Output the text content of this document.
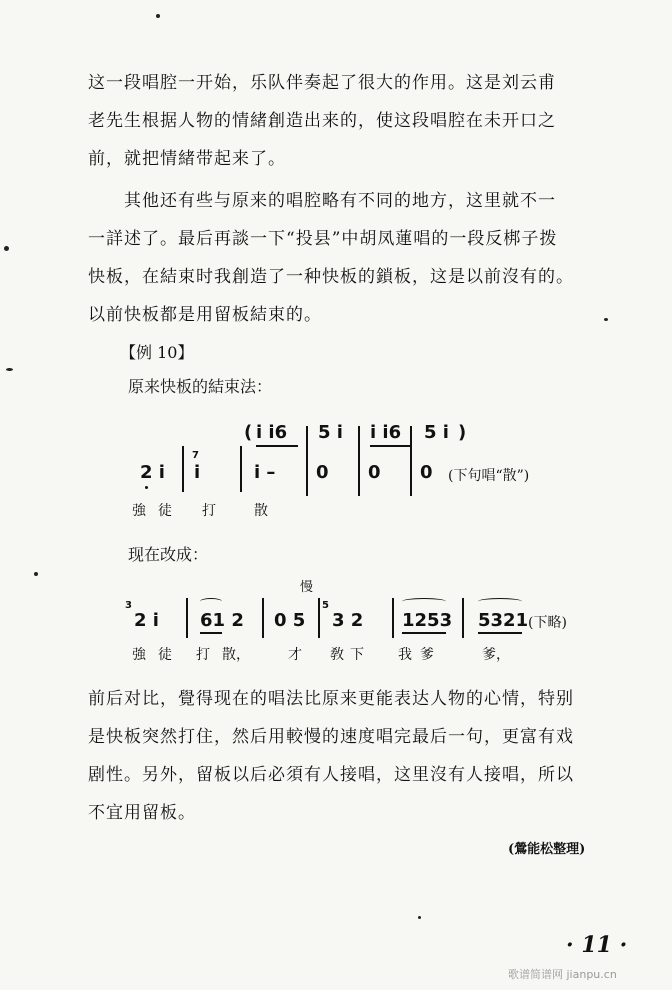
这一段唱腔一开始，乐队伴奏起了很大的作用。这是刘云甫
老先生根据人物的情緒創造出来的，使这段唱腔在未开口之
前，就把情緒带起来了。
其他还有些与原来的唱腔略有不同的地方，这里就不一
一詳述了。最后再談一下“投县”中胡凤蓮唱的一段反梆子拨
快板，在結束时我創造了一种快板的鎖板，这是以前沒有的。
以前快板都是用留板結束的。
【例 10】
原来快板的結束法：
( i i6 5 i i i6 5 i )
2 i
7
i	i – 0 0 0 (下句唱“散”)
強 徒 打	散
现在改成：
慢
3
2 i 61 2 0 5
5
3 2 1253 5321 (下略)
強 徒 打 散，	才 敎 下 我 爹	爹，
前后对比，覺得现在的唱法比原来更能表达人物的心情，特别
是快板突然打住，然后用較慢的速度唱完最后一句，更富有戏
剧性。另外，留板以后必須有人接唱，这里沒有人接唱，所以
不宜用留板。
(鶯能松整理)
· 11 ·
歌谱简谱网 jianpu.cn
